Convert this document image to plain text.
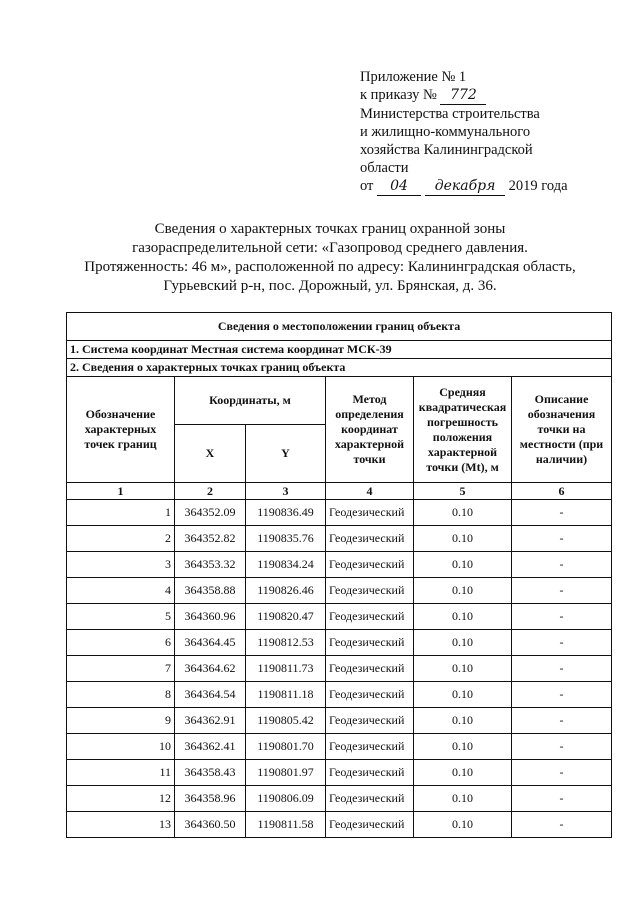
Приложение № 1
к приказу № 772
Министерства строительства
и жилищно-коммунального
хозяйства Калининградской
области
от 04 декабря 2019 года
Сведения о характерных точках границ охранной зоны
газораспределительной сети: «Газопровод среднего давления.
Протяженность: 46 м», расположенной по адресу: Калининградская область,
Гурьевский р-н, пос. Дорожный, ул. Брянская, д. 36.
Сведения о местоположении границ объекта					
1. Система координат Местная система координат МСК-39					
2. Сведения о характерных точках границ объекта					
Обозначение характерных точек границ	Координаты, м		Метод определения координат характерной точки	Средняя квадратическая погрешность положения характерной точки (Mt), м	Описание обозначения точки на местности (при наличии)
	X	Y			
1	2	3	4	5	6
1	364352.09	1190836.49	Геодезический	0.10	-
2	364352.82	1190835.76	Геодезический	0.10	-
3	364353.32	1190834.24	Геодезический	0.10	-
4	364358.88	1190826.46	Геодезический	0.10	-
5	364360.96	1190820.47	Геодезический	0.10	-
6	364364.45	1190812.53	Геодезический	0.10	-
7	364364.62	1190811.73	Геодезический	0.10	-
8	364364.54	1190811.18	Геодезический	0.10	-
9	364362.91	1190805.42	Геодезический	0.10	-
10	364362.41	1190801.70	Геодезический	0.10	-
11	364358.43	1190801.97	Геодезический	0.10	-
12	364358.96	1190806.09	Геодезический	0.10	-
13	364360.50	1190811.58	Геодезический	0.10	-
